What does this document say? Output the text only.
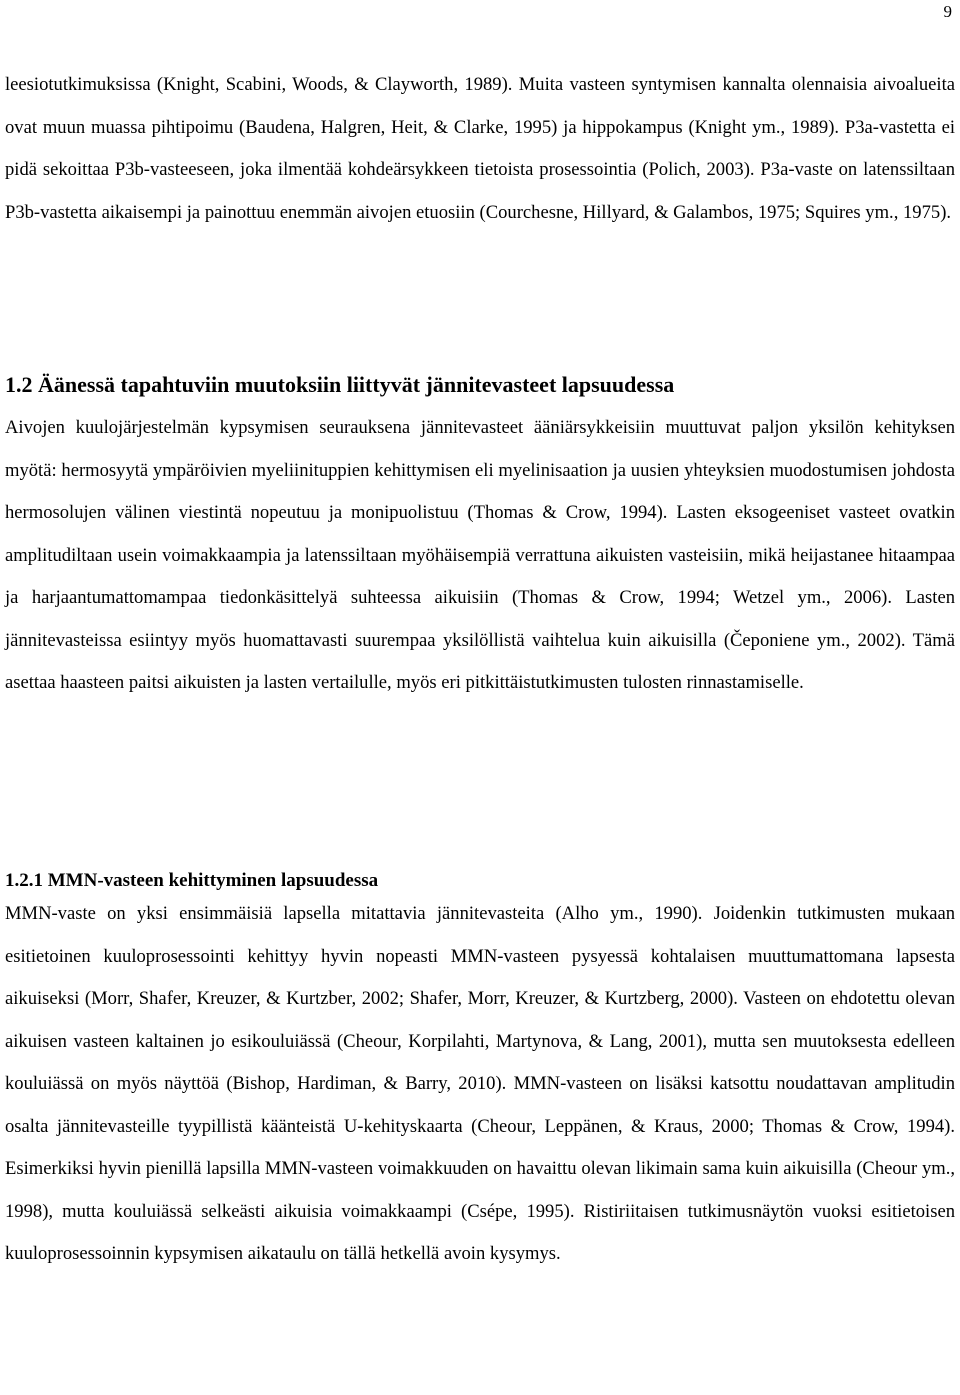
9

leesiotutkimuksissa (Knight, Scabini, Woods, & Clayworth, 1989). Muita vasteen syntymisen kannalta olennaisia aivoalueita ovat muun muassa pihtipoimu (Baudena, Halgren, Heit, & Clarke, 1995) ja hippokampus (Knight ym., 1989). P3a-vastetta ei pidä sekoittaa P3b-vasteeseen, joka ilmentää kohdeärsykkeen tietoista prosessointia (Polich, 2003). P3a-vaste on latenssiltaan P3b-vastetta aikaisempi ja painottuu enemmän aivojen etuosiin (Courchesne, Hillyard, & Galambos, 1975; Squires ym., 1975).

1.2 Äänessä tapahtuviin muutoksiin liittyvät jännitevasteet lapsuudessa

Aivojen kuulojärjestelmän kypsymisen seurauksena jännitevasteet ääniärsykkeisiin muuttuvat paljon yksilön kehityksen myötä: hermosyytä ympäröivien myeliinituppien kehittymisen eli myelinisaation ja uusien yhteyksien muodostumisen johdosta hermosolujen välinen viestintä nopeutuu ja monipuolistuu (Thomas & Crow, 1994). Lasten eksogeeniset vasteet ovatkin amplitudiltaan usein voimakkaampia ja latenssiltaan myöhäisempiä verrattuna aikuisten vasteisiin, mikä heijastanee hitaampaa ja harjaantumattomampaa tiedonkäsittelyä suhteessa aikuisiin (Thomas & Crow, 1994; Wetzel ym., 2006). Lasten jännitevasteissa esiintyy myös huomattavasti suurempaa yksilöllistä vaihtelua kuin aikuisilla (Čeponiene ym., 2002). Tämä asettaa haasteen paitsi aikuisten ja lasten vertailulle, myös eri pitkittäistutkimusten tulosten rinnastamiselle.

1.2.1 MMN-vasteen kehittyminen lapsuudessa

MMN-vaste on yksi ensimmäisiä lapsella mitattavia jännitevasteita (Alho ym., 1990). Joidenkin tutkimusten mukaan esitietoinen kuuloprosessointi kehittyy hyvin nopeasti MMN-vasteen pysyessä kohtalaisen muuttumattomana lapsesta aikuiseksi (Morr, Shafer, Kreuzer, & Kurtzber, 2002; Shafer, Morr, Kreuzer, & Kurtzberg, 2000). Vasteen on ehdotettu olevan aikuisen vasteen kaltainen jo esikouluiässä (Cheour, Korpilahti, Martynova, & Lang, 2001), mutta sen muutoksesta edelleen kouluiässä on myös näyttöä (Bishop, Hardiman, & Barry, 2010). MMN-vasteen on lisäksi katsottu noudattavan amplitudin osalta jännitevasteille tyypillistä käänteistä U-kehityskaarta (Cheour, Leppänen, & Kraus, 2000; Thomas & Crow, 1994). Esimerkiksi hyvin pienillä lapsilla MMN-vasteen voimakkuuden on havaittu olevan likimain sama kuin aikuisilla (Cheour ym., 1998), mutta kouluiässä selkeästi aikuisia voimakkaampi (Csépe, 1995). Ristiriitaisen tutkimusnäytön vuoksi esitietoisen kuuloprosessoinnin kypsymisen aikataulu on tällä hetkellä avoin kysymys.
